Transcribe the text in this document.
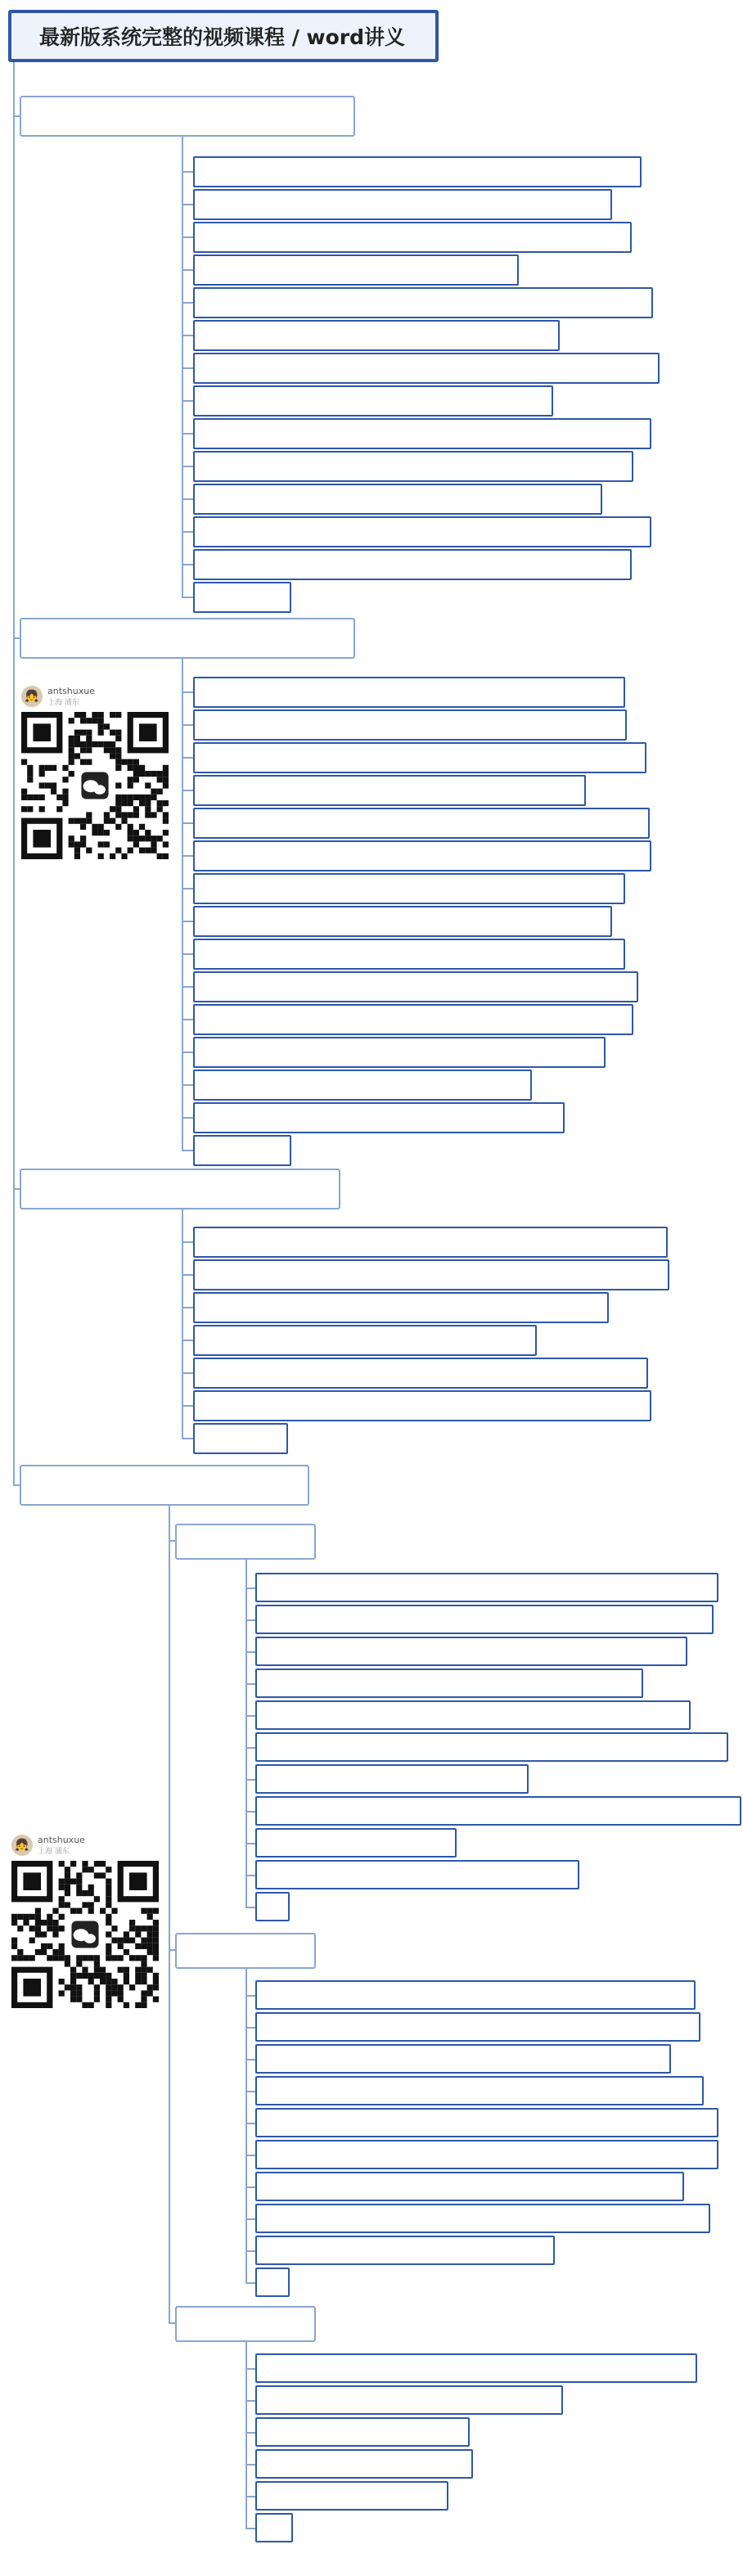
最新版系统完整的视频课程 / word讲义
👧 antshuxue
上海 浦东
👧 antshuxue
上海 浦东
